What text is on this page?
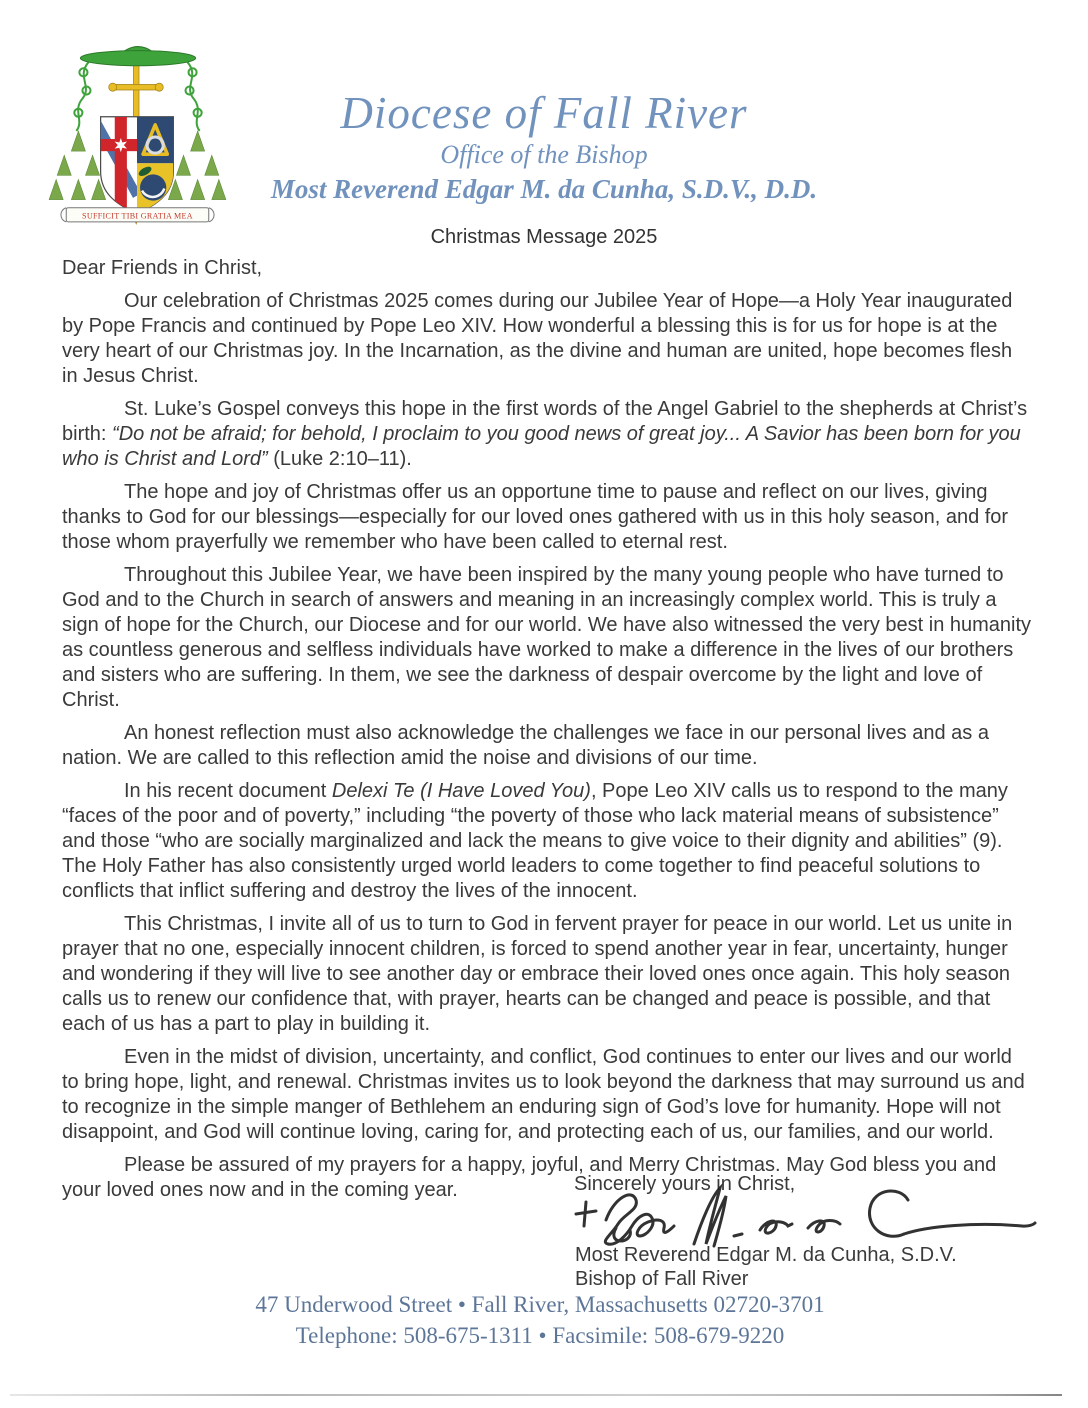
SUFFICIT TIBI GRATIA MEA
Diocese of Fall River
Office of the Bishop
Most Reverend Edgar M. da Cunha, S.D.V., D.D.
Christmas Message 2025

Dear Friends in Christ,

Our celebration of Christmas 2025 comes during our Jubilee Year of Hope—a Holy Year inaugurated by Pope Francis and continued by Pope Leo XIV. How wonderful a blessing this is for us for hope is at the very heart of our Christmas joy. In the Incarnation, as the divine and human are united, hope becomes flesh in Jesus Christ.

St. Luke’s Gospel conveys this hope in the first words of the Angel Gabriel to the shepherds at Christ’s birth: “Do not be afraid; for behold, I proclaim to you good news of great joy... A Savior has been born for you who is Christ and Lord” (Luke 2:10–11).

The hope and joy of Christmas offer us an opportune time to pause and reflect on our lives, giving thanks to God for our blessings—especially for our loved ones gathered with us in this holy season, and for those whom prayerfully we remember who have been called to eternal rest.

Throughout this Jubilee Year, we have been inspired by the many young people who have turned to God and to the Church in search of answers and meaning in an increasingly complex world. This is truly a sign of hope for the Church, our Diocese and for our world. We have also witnessed the very best in humanity as countless generous and selfless individuals have worked to make a difference in the lives of our brothers and sisters who are suffering. In them, we see the darkness of despair overcome by the light and love of Christ.

An honest reflection must also acknowledge the challenges we face in our personal lives and as a nation. We are called to this reflection amid the noise and divisions of our time.

In his recent document Delexi Te (I Have Loved You), Pope Leo XIV calls us to respond to the many “faces of the poor and of poverty,” including “the poverty of those who lack material means of subsistence” and those “who are socially marginalized and lack the means to give voice to their dignity and abilities” (9). The Holy Father has also consistently urged world leaders to come together to find peaceful solutions to conflicts that inflict suffering and destroy the lives of the innocent.

This Christmas, I invite all of us to turn to God in fervent prayer for peace in our world. Let us unite in prayer that no one, especially innocent children, is forced to spend another year in fear, uncertainty, hunger and wondering if they will live to see another day or embrace their loved ones once again. This holy season calls us to renew our confidence that, with prayer, hearts can be changed and peace is possible, and that each of us has a part to play in building it.

Even in the midst of division, uncertainty, and conflict, God continues to enter our lives and our world to bring hope, light, and renewal. Christmas invites us to look beyond the darkness that may surround us and to recognize in the simple manger of Bethlehem an enduring sign of God’s love for humanity. Hope will not disappoint, and God will continue loving, caring for, and protecting each of us, our families, and our world.

Please be assured of my prayers for a happy, joyful, and Merry Christmas. May God bless you and your loved ones now and in the coming year.	Sincerely yours in Christ,
Most Reverend Edgar M. da Cunha, S.D.V.
Bishop of Fall River
47 Underwood Street • Fall River, Massachusetts 02720-3701
Telephone: 508-675-1311 • Facsimile: 508-679-9220
